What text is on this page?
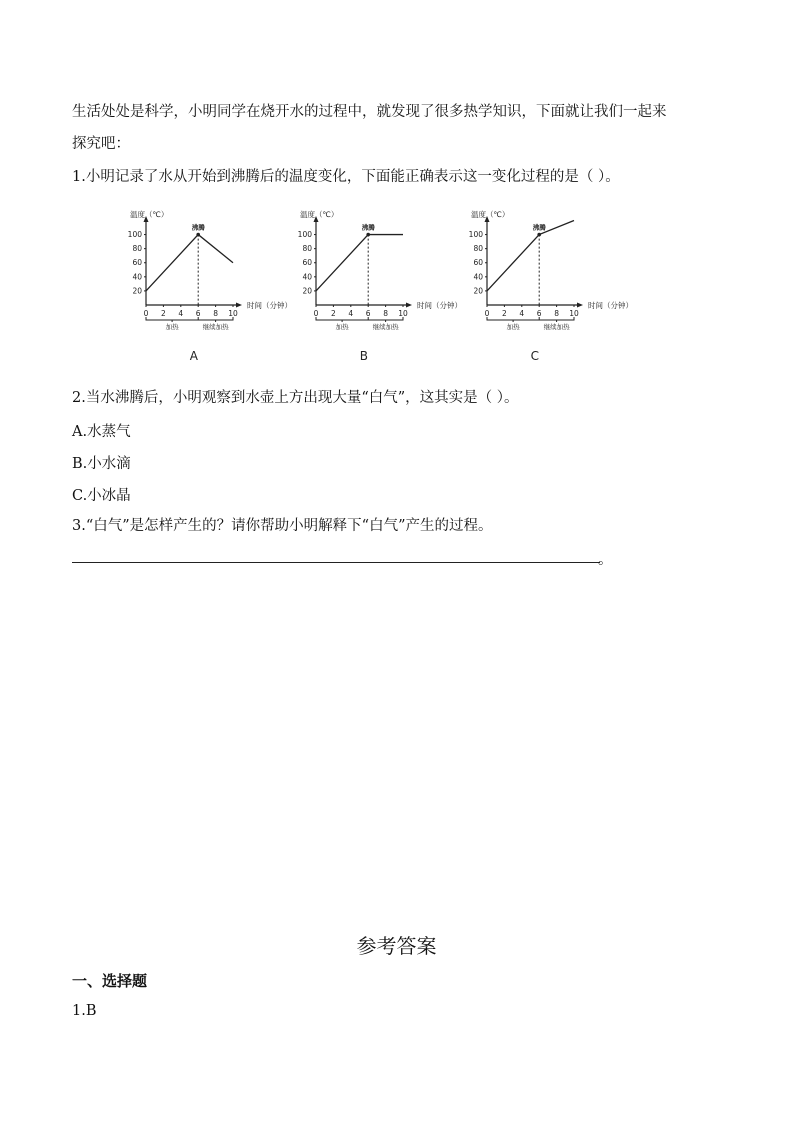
生活处处是科学，小明同学在烧开水的过程中，就发现了很多热学知识，下面就让我们一起来
探究吧：
1.小明记录了水从开始到沸腾后的温度变化，下面能正确表示这一变化过程的是（ ）。
温度（℃）
时间（分钟）
20
40
60
80
100
0 2 4 6 8 10
加热	继续加热
沸腾
A
温度（℃）
时间（分钟）
20
40
60
80
100
0 2 4 6 8 10
加热	继续加热
沸腾
B
温度（℃）
时间（分钟）
20
40
60
80
100
0 2 4 6 8 10
加热	继续加热
沸腾
C
2.当水沸腾后，小明观察到水壶上方出现大量“白气”，这其实是（ ）。
A.水蒸气
B.小水滴
C.小冰晶
3.“白气”是怎样产生的？请你帮助小明解释下“白气”产生的过程。
。
参考答案
一、选择题
1.B
